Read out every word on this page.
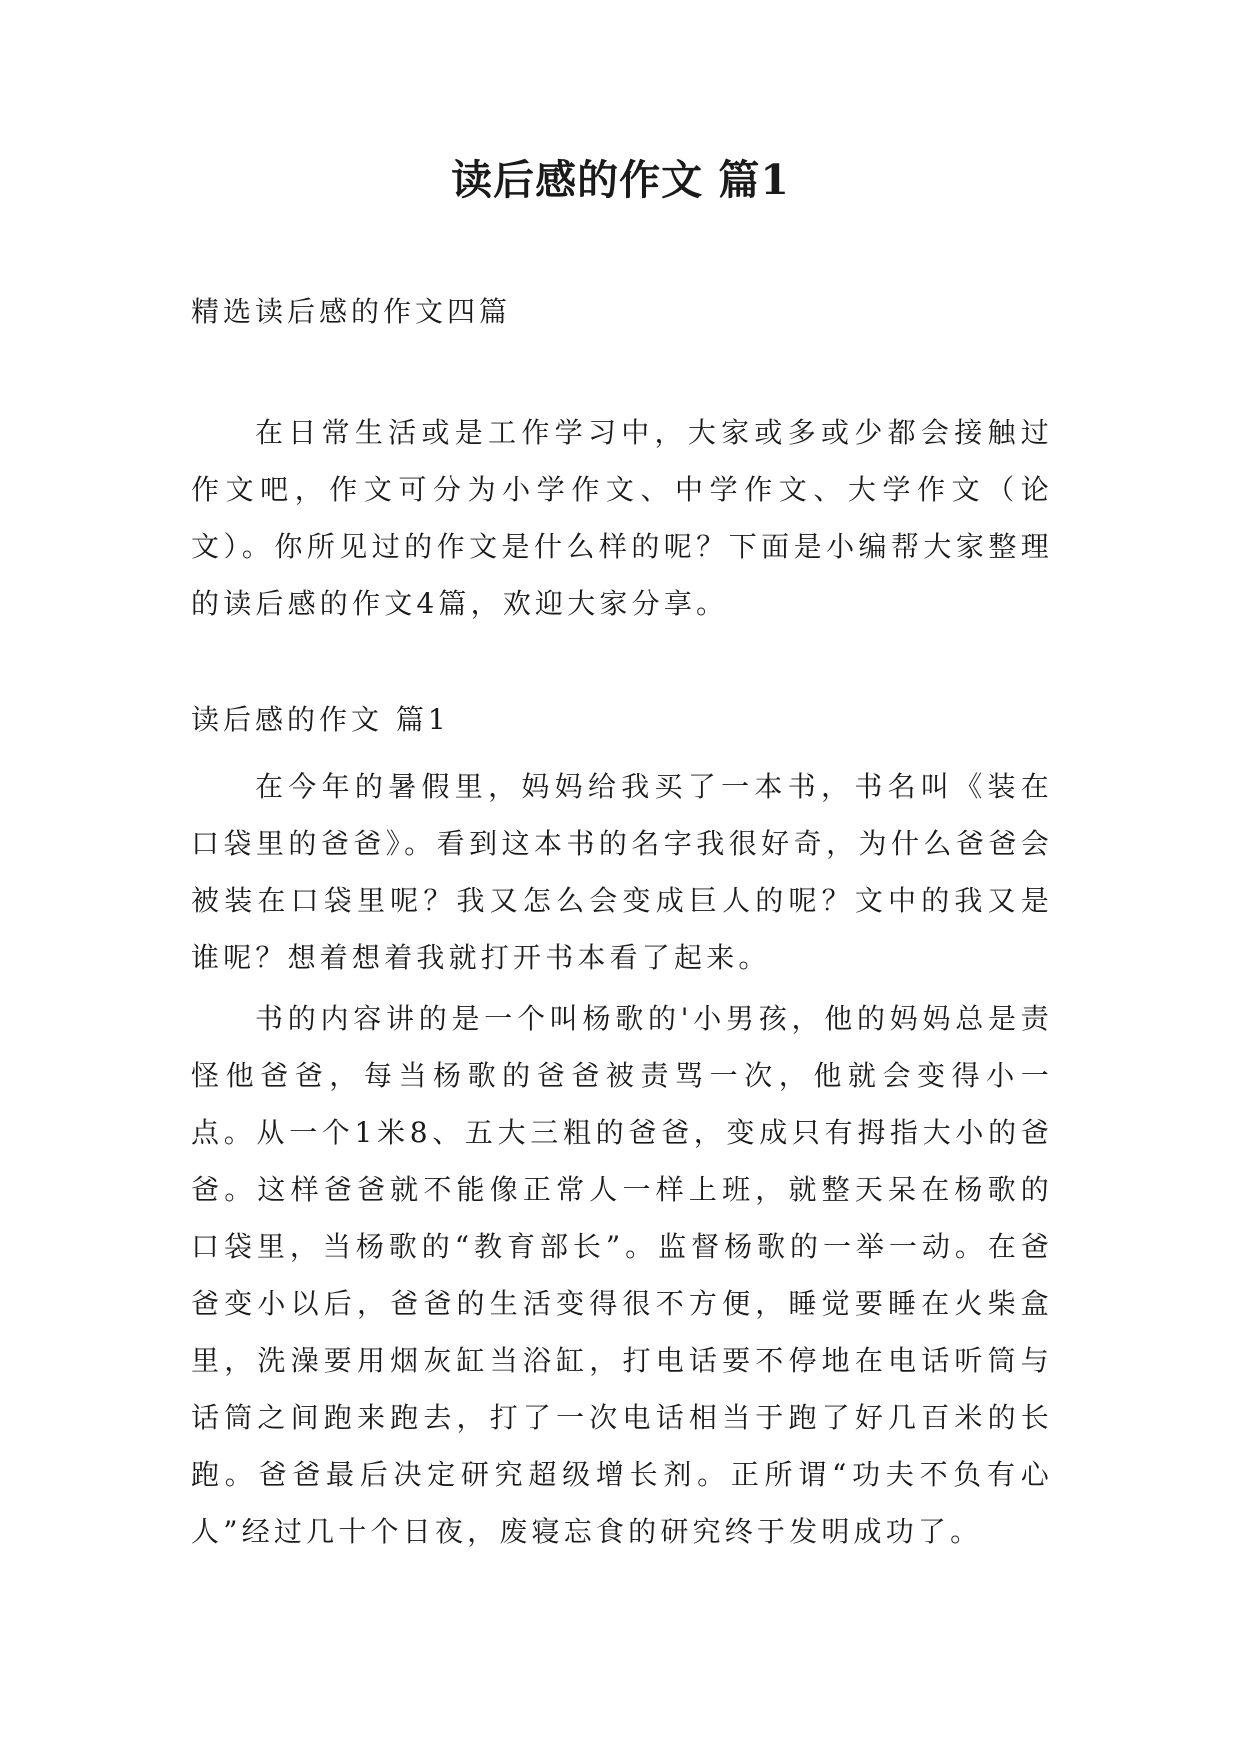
读后感的作文 篇1

精选读后感的作文四篇

在日常生活或是工作学习中，大家或多或少都会接触过作文吧，作文可分为小学作文、中学作文、大学作文（论文）。你所见过的作文是什么样的呢？下面是小编帮大家整理的读后感的作文4篇，欢迎大家分享。

读后感的作文 篇1

在今年的暑假里，妈妈给我买了一本书，书名叫《装在口袋里的爸爸》。看到这本书的名字我很好奇，为什么爸爸会被装在口袋里呢？我又怎么会变成巨人的呢？文中的我又是谁呢？想着想着我就打开书本看了起来。

书的内容讲的是一个叫杨歌的'小男孩，他的妈妈总是责怪他爸爸，每当杨歌的爸爸被责骂一次，他就会变得小一点。从一个1米8、五大三粗的爸爸，变成只有拇指大小的爸爸。这样爸爸就不能像正常人一样上班，就整天呆在杨歌的口袋里，当杨歌的“教育部长”。监督杨歌的一举一动。在爸爸变小以后，爸爸的生活变得很不方便，睡觉要睡在火柴盒里，洗澡要用烟灰缸当浴缸，打电话要不停地在电话听筒与话筒之间跑来跑去，打了一次电话相当于跑了好几百米的长跑。爸爸最后决定研究超级增长剂。正所谓“功夫不负有心人”经过几十个日夜，废寝忘食的研究终于发明成功了。
